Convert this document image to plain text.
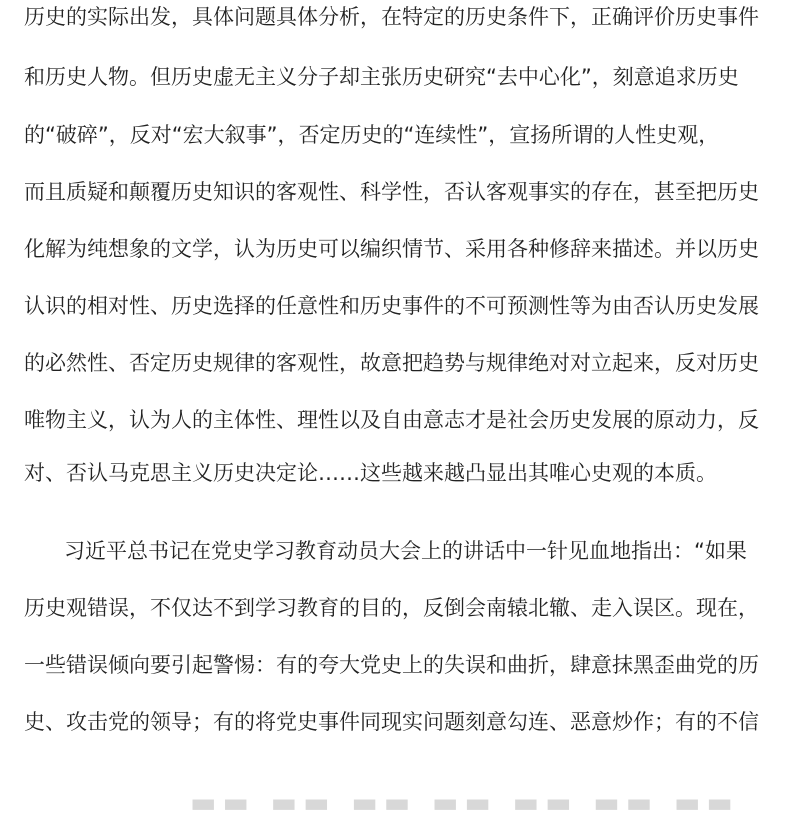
历史的实际出发，具体问题具体分析，在特定的历史条件下，正确评价历史事件
和历史人物。但历史虚无主义分子却主张历史研究“去中心化”，刻意追求历史
的“破碎”，反对“宏大叙事”，否定历史的“连续性”，宣扬所谓的人性史观，
而且质疑和颠覆历史知识的客观性、科学性，否认客观事实的存在，甚至把历史
化解为纯想象的文学，认为历史可以编织情节、采用各种修辞来描述。并以历史
认识的相对性、历史选择的任意性和历史事件的不可预测性等为由否认历史发展
的必然性、否定历史规律的客观性，故意把趋势与规律绝对对立起来，反对历史
唯物主义，认为人的主体性、理性以及自由意志才是社会历史发展的原动力，反
对、否认马克思主义历史决定论……这些越来越凸显出其唯心史观的本质。
习近平总书记在党史学习教育动员大会上的讲话中一针见血地指出：“如果
历史观错误，不仅达不到学习教育的目的，反倒会南辕北辙、走入误区。现在，
一些错误倾向要引起警惕：有的夸大党史上的失误和曲折，肆意抹黑歪曲党的历
史、攻击党的领导；有的将党史事件同现实问题刻意勾连、恶意炒作；有的不信
▬▬ ▬▬ ▬▬ ▬▬ ▬▬ ▬▬ ▬▬
